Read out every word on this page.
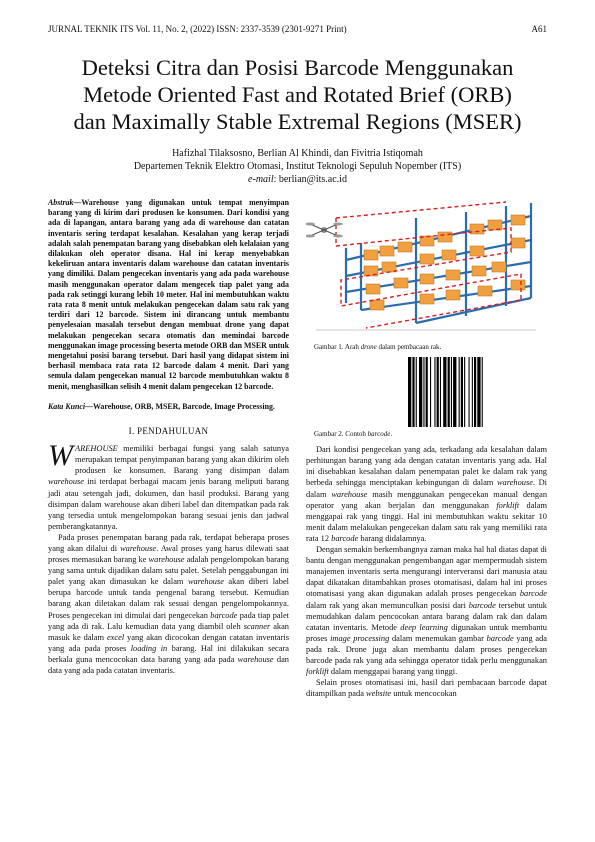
JURNAL TEKNIK ITS Vol. 11, No. 2, (2022) ISSN: 2337-3539 (2301-9271 Print)	A61
Deteksi Citra dan Posisi Barcode Menggunakan
Metode Oriented Fast and Rotated Brief (ORB)
dan Maximally Stable Extremal Regions (MSER)
Hafizhal Tilaksosno, Berlian Al Khindi, dan Fivitria Istiqomah
Departemen Teknik Elektro Otomasi, Institut Teknologi Sepuluh Nopember (ITS)
e-mail: berlian@its.ac.id

Abstrak—Warehouse yang digunakan untuk tempat menyimpan barang yang di kirim dari produsen ke konsumen. Dari kondisi yang ada di lapangan, antara barang yang ada di warehouse dan catatan inventaris sering terdapat kesalahan. Kesalahan yang kerap terjadi adalah salah penempatan barang yang disebabkan oleh kelalaian yang dilakukan oleh operator disana. Hal ini kerap menyebabkan kekeliruan antara inventaris dalam warehouse dan catatan inventaris yang dimiliki. Dalam pengecekan inventaris yang ada pada warehouse masih menggunakan operator dalam mengecek tiap palet yang ada pada rak setinggi kurang lebih 10 meter. Hal ini membutuhkan waktu rata rata 8 menit untuk melakukan pengecekan dalam satu rak yang terdiri dari 12 barcode. Sistem ini dirancang untuk membantu penyelesaian masalah tersebut dengan membuat drone yang dapat melakukan pengecekan secara otomatis dan memindai barcode menggunakan image processing beserta metode ORB dan MSER untuk mengetahui posisi barang tersebut. Dari hasil yang didapat sistem ini berhasil membaca rata rata 12 barcode dalam 4 menit. Dari yang semula dalam pengecekan manual 12 barcode membutuhkan waktu 8 menit, menghasilkan selisih 4 menit dalam pengecekan 12 barcode.

Kata Kunci—Warehouse, ORB, MSER, Barcode, Image Processing.

I. PENDAHULUAN

WAREHOUSE memiliki berbagai fungsi yang salah satunya merupakan tempat penyimpanan barang yang akan dikirim oleh produsen ke konsumen. Barang yang disimpan dalam warehouse ini terdapat berbagai macam jenis barang meliputi barang jadi atau setengah jadi, dokumen, dan hasil produksi. Barang yang disimpan dalam warehouse akan diberi label dan ditempatkan pada rak yang tersedia untuk mengelompokan barang sesuai jenis dan jadwal pemberangkatannya.

Pada proses penempatan barang pada rak, terdapat beberapa proses yang akan dilalui di warehouse. Awal proses yang harus dilewati saat proses memasukan barang ke warehouse adalah pengelompokan barang yang sama untuk dijadikan dalam satu palet. Setelah penggabungan ini palet yang akan dimasukan ke dalam warehouse akan diberi label berupa barcode untuk tanda pengenal barang tersebut. Kemudian barang akan diletakan dalam rak sesuai dengan pengelompokannya. Proses pengecekan ini dimulai dari pengecekan barcode pada tiap palet yang ada di rak. Lalu kemudian data yang diambil oleh scanner akan masuk ke dalam excel yang akan dicocokan dengan catatan inventaris yang ada pada proses loading in barang. Hal ini dilakukan secara berkala guna mencocokan data barang yang ada pada warehouse dan data yang ada pada catatan inventaris.

Gambar 1. Arah drone dalam pembacaan rak.
Gambar 2. Contoh barcode.

Dari kondisi pengecekan yang ada, terkadang ada kesalahan dalam perhitungan barang yang ada dengan catatan inventaris yang ada. Hal ini disebabkan kesalahan dalam penempatan palet ke dalam rak yang berbeda sehingga menciptakan kebingungan di dalam warehouse. Di dalam warehouse masih menggunakan pengecekan manual dengan operator yang akan berjalan dan menggunakan forklift dalam menggapai rak yang tinggi. Hal ini membutuhkan waktu sekitar 10 menit dalam melakukan pengecekan dalam satu rak yang memiliki rata rata 12 barcode barang didalamnya.

Dengan semakin berkembangnya zaman maka hal hal diatas dapat di bantu dengan menggunakan pengembangan agar mempermudah sistem manajemen inventaris serta mengurangi interveransi dari manusia atau dapat dikatakan ditambahkan proses otomatisasi, dalam hal ini proses otomatisasi yang akan digunakan adalah proses pengecekan barcode dalam rak yang akan memunculkan posisi dari barcode tersebut untuk memudahkan dalam pencocokan antara barang dalam rak dan dalam catatan inventaris. Metode deep learning digunakan untuk membantu proses image processing dalam menemukan gambar barcode yang ada pada rak. Drone juga akan membantu dalam proses pengecekan barcode pada rak yang ada sehingga operator tidak perlu menggunakan forklift dalam menggapai barang yang tinggi.

Selain proses otomatisasi ini, hasil dari pembacaan barcode dapat ditampilkan pada website untuk mencocokan
